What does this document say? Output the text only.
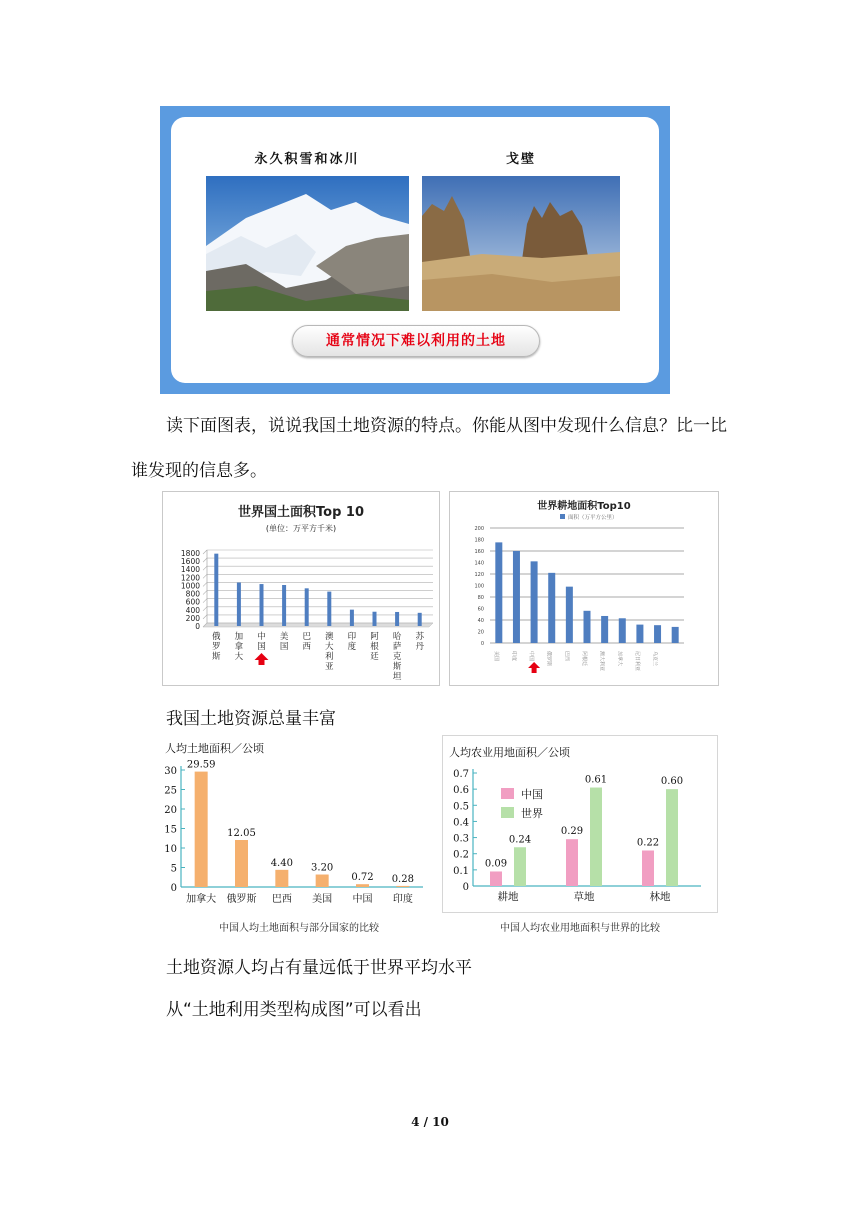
永久积雪和冰川	戈壁
通常情况下难以利用的土地
读下面图表，说说我国土地资源的特点。你能从图中发现什么信息？比一比
谁发现的信息多。
世界国土面积Top 10
(单位：万平方千米)
0
200
400
600
800
1000
1200
1400
1600
1800
俄
罗
斯
加
拿
大
中
国
美
国
巴
西
澳
大
利
亚
印
度
阿
根
廷
哈
萨
克
斯
坦
苏
丹
世界耕地面积Top10
面积（万平方公里）
0
20
40
60
80
100
120
140
160
180
200
美国 印度 中国 俄罗斯 巴西 阿根廷 澳大利亚 加拿大 尼日利亚 乌克兰
我国土地资源总量丰富
人均土地面积／公顷
中国人均土地面积与部分国家的比较
0
5
10
15
20
25
30
29.59
加拿大
12.05
俄罗斯
4.40
巴西
3.20
美国
0.72
中国
0.28
印度
人均农业用地面积／公顷
中国人均农业用地面积与世界的比较
0
0.1
0.2
0.3
0.4
0.5
0.6
0.7
中国
世界
0.09
0.24
耕地
0.29
0.61
草地
0.22
0.60
林地
土地资源人均占有量远低于世界平均水平
从“土地利用类型构成图”可以看出
4 / 10
